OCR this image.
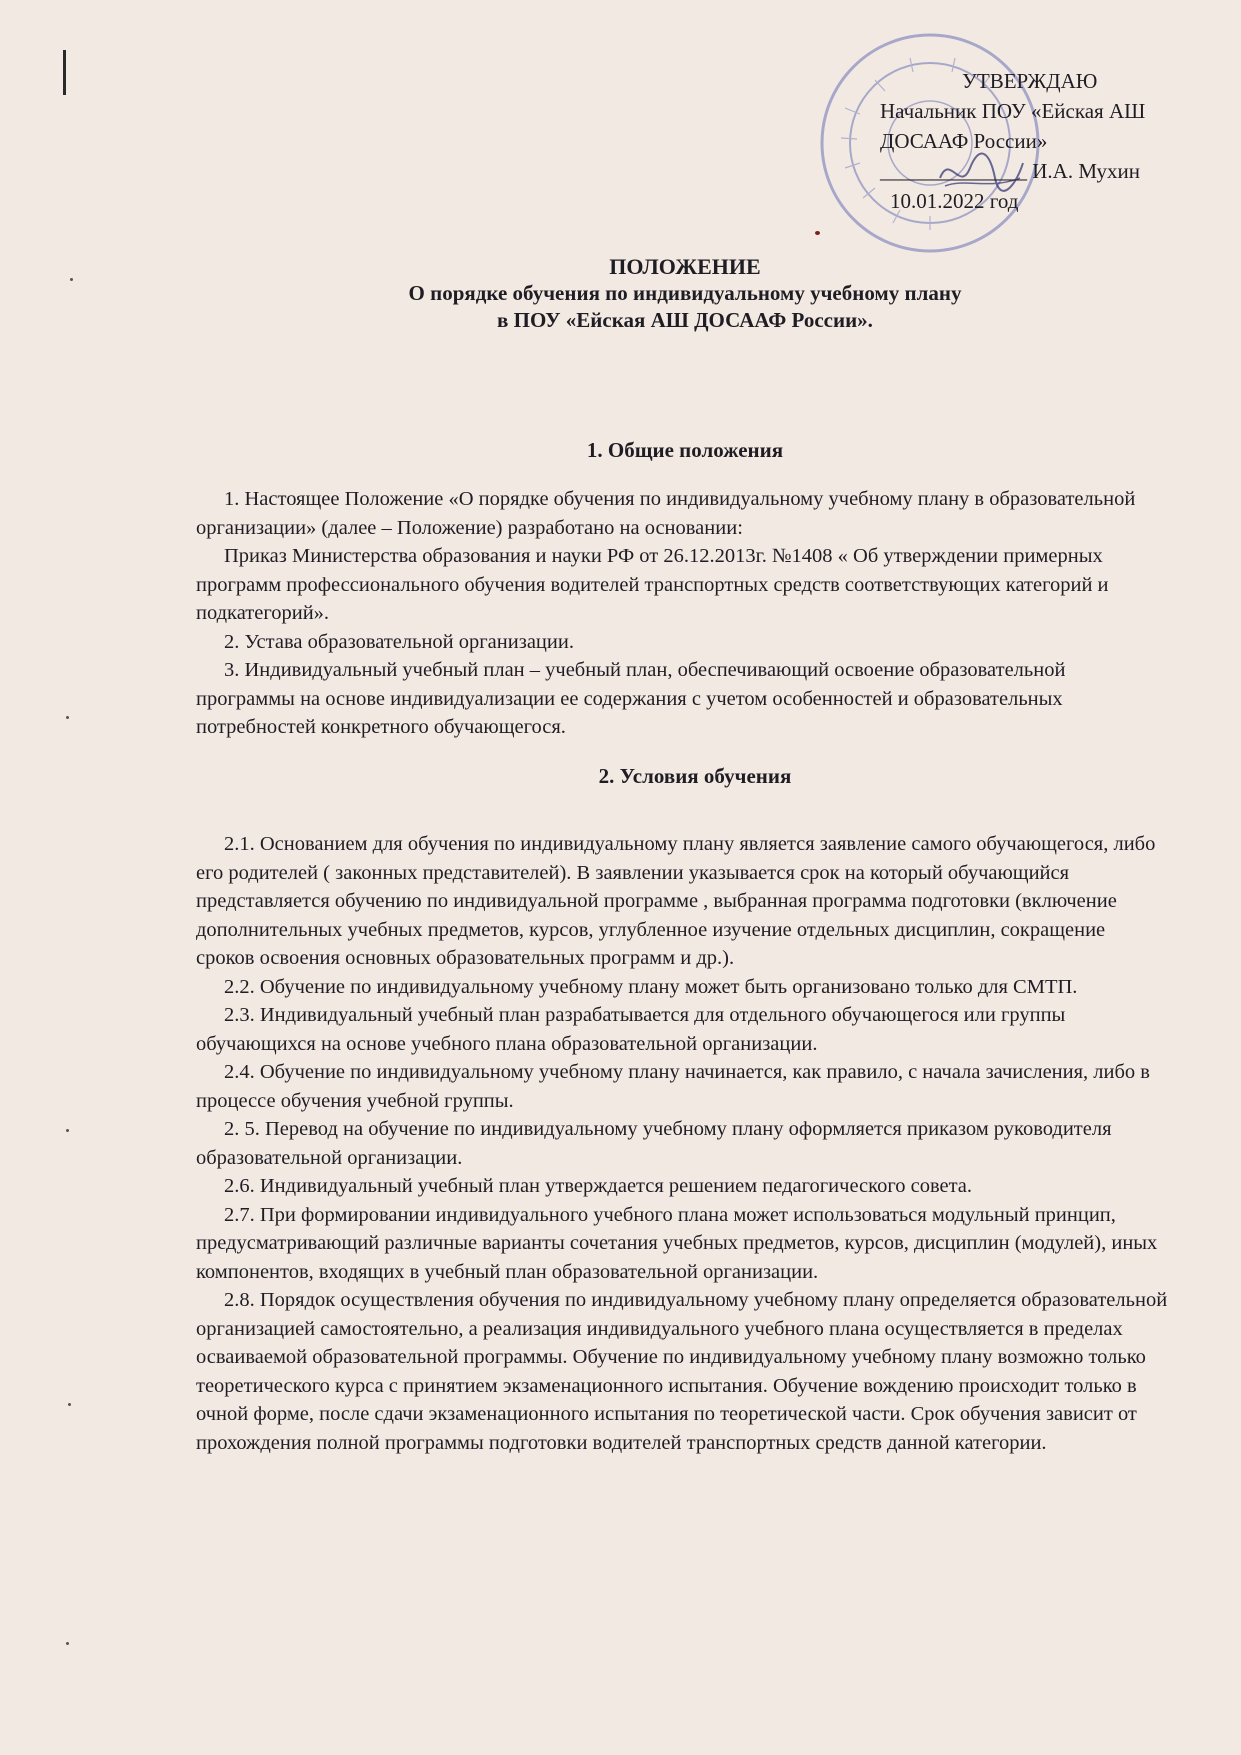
УТВЕРЖДАЮ
Начальник ПОУ «Ейская АШ
ДОСААФ России»
______________ И.А. Мухин
10.01.2022 год
ПОЛОЖЕНИЕ
О порядке обучения по индивидуальному учебному плану
в ПОУ «Ейская АШ ДОСААФ России».
1. Общие положения

1. Настоящее Положение «О порядке обучения по индивидуальному учебному плану в образовательной организации» (далее – Положение) разработано на основании:

Приказ Министерства образования и науки РФ от 26.12.2013г. №1408 « Об утверждении примерных программ профессионального обучения водителей транспортных средств соответствующих категорий и подкатегорий».

2. Устава образовательной организации.

3. Индивидуальный учебный план – учебный план, обеспечивающий освоение образовательной программы на основе индивидуализации ее содержания с учетом особенностей и образовательных потребностей конкретного обучающегося.

2. Условия обучения

2.1. Основанием для обучения по индивидуальному плану является заявление самого обучающегося, либо его родителей ( законных представителей). В заявлении указывается срок на который обучающийся представляется обучению по индивидуальной программе , выбранная программа подготовки (включение дополнительных учебных предметов, курсов, углубленное изучение отдельных дисциплин, сокращение сроков освоения основных образовательных программ и др.).

2.2. Обучение по индивидуальному учебному плану может быть организовано только для СМТП.

2.3. Индивидуальный учебный план разрабатывается для отдельного обучающегося или группы обучающихся на основе учебного плана образовательной организации.

2.4. Обучение по индивидуальному учебному плану начинается, как правило, с начала зачисления, либо в процессе обучения учебной группы.

2. 5. Перевод на обучение по индивидуальному учебному плану оформляется приказом руководителя образовательной организации.

2.6. Индивидуальный учебный план утверждается решением педагогического совета.

2.7. При формировании индивидуального учебного плана может использоваться модульный принцип, предусматривающий различные варианты сочетания учебных предметов, курсов, дисциплин (модулей), иных компонентов, входящих в учебный план образовательной организации.

2.8. Порядок осуществления обучения по индивидуальному учебному плану определяется образовательной организацией самостоятельно, а реализация индивидуального учебного плана осуществляется в пределах осваиваемой образовательной программы. Обучение по индивидуальному учебному плану возможно только теоретического курса с принятием экзаменационного испытания. Обучение вождению происходит только в очной форме, после сдачи экзаменационного испытания по теоретической части. Срок обучения зависит от прохождения полной программы подготовки водителей транспортных средств данной категории.
